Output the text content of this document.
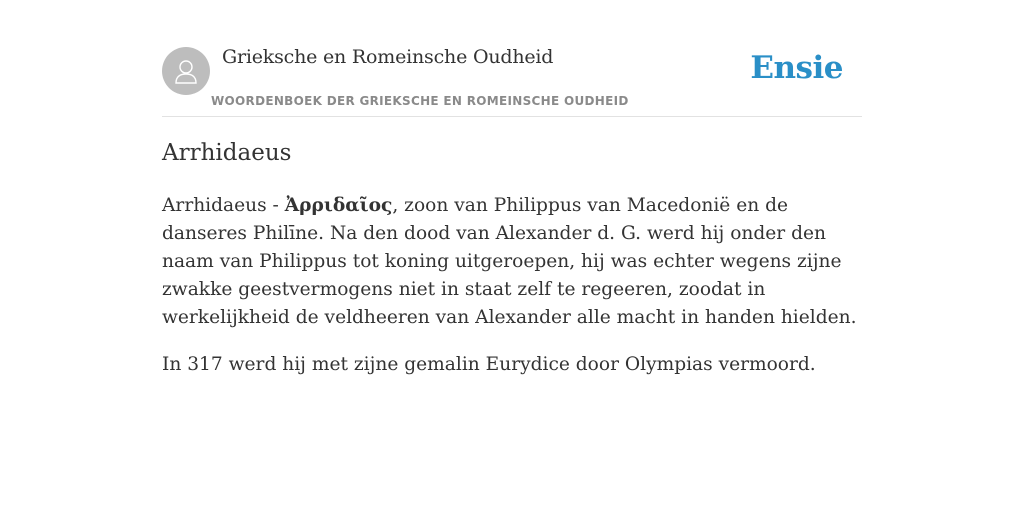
Grieksche en Romeinsche Oudheid
WOORDENBOEK DER GRIEKSCHE EN ROMEINSCHE OUDHEID
Ensie
Arrhidaeus

Arrhidaeus - Ἀρριδαῖος, zoon van Philippus van Macedonië en de danseres Philīne. Na den dood van Alexander d. G. werd hij onder den naam van Philippus tot koning uitgeroepen, hij was echter wegens zijne zwakke geestvermogens niet in staat zelf te regeeren, zoodat in werkelijkheid de veldheeren van Alexander alle macht in handen hielden.

In 317 werd hij met zijne gemalin Eurydice door Olympias vermoord.
